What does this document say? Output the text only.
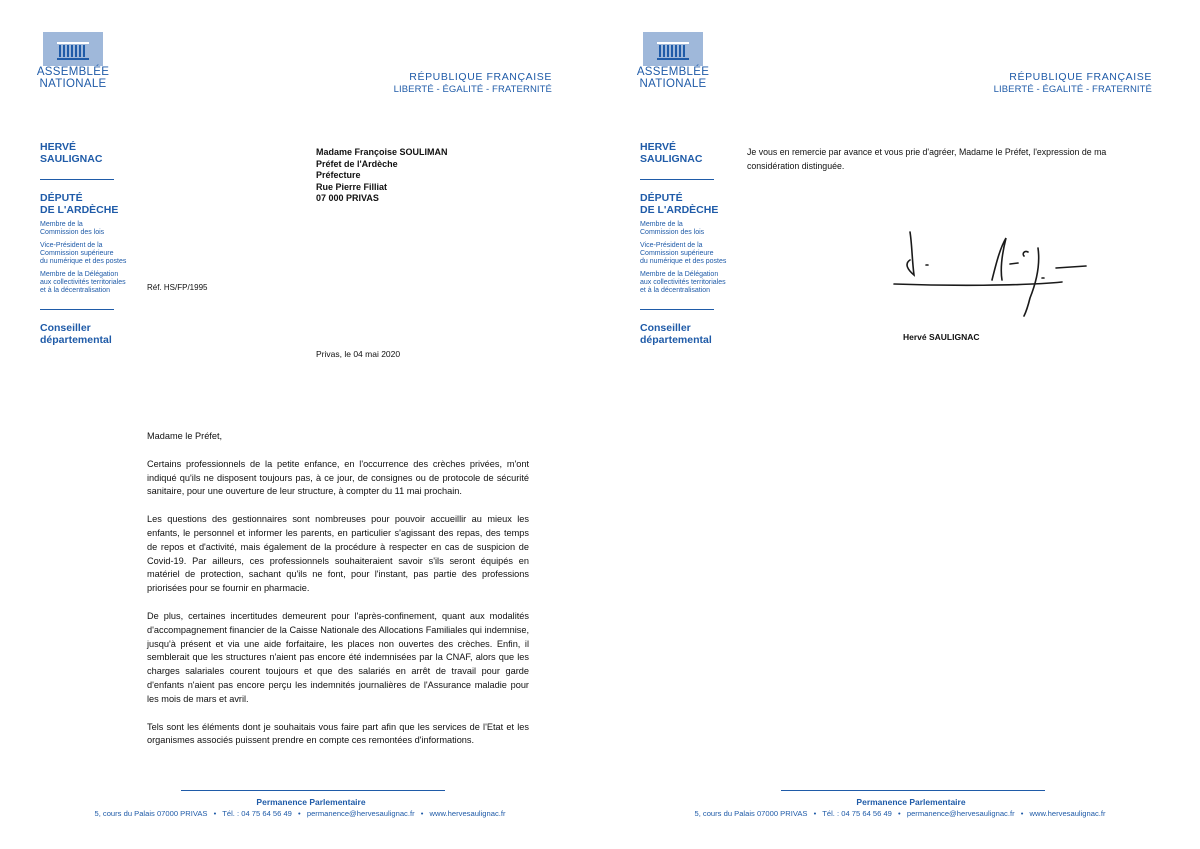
ASSEMBLÉE
NATIONALE
RÉPUBLIQUE FRANÇAISE
LIBERTÉ - ÉGALITÉ - FRATERNITÉ
HERVÉ
SAULIGNAC
DÉPUTÉ
DE L'ARDÈCHE
Membre de la
Commission des lois
Vice-Président de la
Commission supérieure
du numérique et des postes
Membre de la Délégation
aux collectivités territoriales
et à la décentralisation
Conseiller
départemental
Madame Françoise SOULIMAN
Préfet de l'Ardèche
Préfecture
Rue Pierre Filliat
07 000 PRIVAS
Réf. HS/FP/1995
Privas, le 04 mai 2020

Madame le Préfet,

Certains professionnels de la petite enfance, en l'occurrence des crèches privées, m'ont indiqué qu'ils ne disposent toujours pas, à ce jour, de consignes ou de protocole de sécurité sanitaire, pour une ouverture de leur structure, à compter du 11 mai prochain.

Les questions des gestionnaires sont nombreuses pour pouvoir accueillir au mieux les enfants, le personnel et informer les parents, en particulier s'agissant des repas, des temps de repos et d'activité, mais également de la procédure à respecter en cas de suspicion de Covid-19. Par ailleurs, ces professionnels souhaiteraient savoir s'ils seront équipés en matériel de protection, sachant qu'ils ne font, pour l'instant, pas partie des professions priorisées pour se fournir en pharmacie.

De plus, certaines incertitudes demeurent pour l'après-confinement, quant aux modalités d'accompagnement financier de la Caisse Nationale des Allocations Familiales qui indemnise, jusqu'à présent et via une aide forfaitaire, les places non ouvertes des crèches. Enfin, il semblerait que les structures n'aient pas encore été indemnisées par la CNAF, alors que les charges salariales courent toujours et que des salariés en arrêt de travail pour garde d'enfants n'aient pas encore perçu les indemnités journalières de l'Assurance maladie pour les mois de mars et avril.

Tels sont les éléments dont je souhaitais vous faire part afin que les services de l'Etat et les organismes associés puissent prendre en compte ces remontées d'informations.

Permanence Parlementaire
5, cours du Palais 07000 PRIVAS • Tél. : 04 75 64 56 49 • permanence@hervesaulignac.fr • www.hervesaulignac.fr
ASSEMBLÉE
NATIONALE
RÉPUBLIQUE FRANÇAISE
LIBERTÉ - ÉGALITÉ - FRATERNITÉ
HERVÉ
SAULIGNAC
DÉPUTÉ
DE L'ARDÈCHE
Membre de la
Commission des lois
Vice-Président de la
Commission supérieure
du numérique et des postes
Membre de la Délégation
aux collectivités territoriales
et à la décentralisation
Conseiller
départemental
Je vous en remercie par avance et vous prie d'agréer, Madame le Préfet, l'expression de ma considération distinguée.
Hervé SAULIGNAC
Permanence Parlementaire
5, cours du Palais 07000 PRIVAS • Tél. : 04 75 64 56 49 • permanence@hervesaulignac.fr • www.hervesaulignac.fr
